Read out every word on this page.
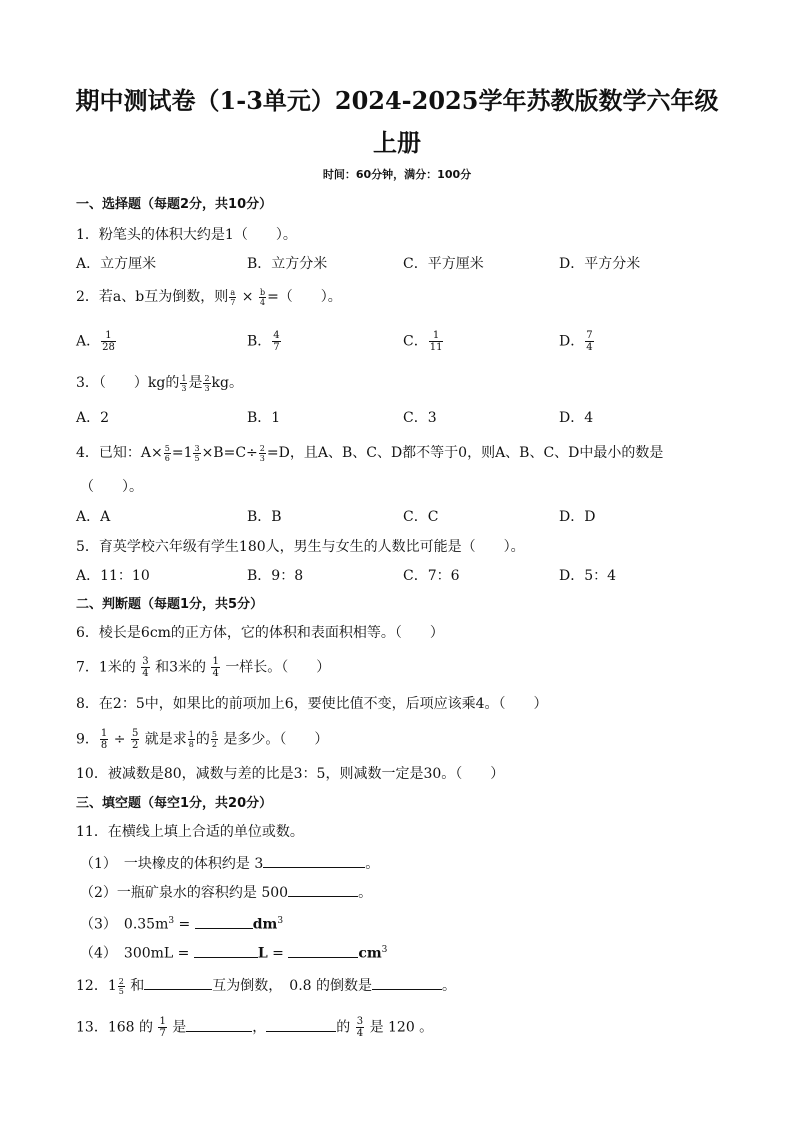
期中测试卷（1-3单元）2024-2025学年苏教版数学六年级上册
时间：60分钟，满分：100分
一、选择题（每题2分，共10分）
1．粉笔头的体积大约是1（　　）。
A．立方厘米	B．立方分米	C．平方厘米	D．平方分米
2．若a、b互为倒数，则 $\frac{a}{7} \times \frac{b}{4}$ =（　　）。
A． $\frac{1}{28}$	B． $\frac{4}{7}$	C． $\frac{1}{11}$	D． $\frac{7}{4}$
3．（　　）kg的 $\frac{1}{3}$ 是 $\frac{2}{3}$ kg。
A．2	B．1	C．3	D．4
4．已知：$A\times \frac{5}{6} =1 \frac{3}{5} \times B=C\div \frac{2}{3} =D$，且A、B、C、D都不等于0，则A、B、C、D中最小的数是
（　　）。
A．A	B．B	C．C	D．D
5．育英学校六年级有学生180人，男生与女生的人数比可能是（　　）。
A．11：10	B．9：8	C．7：6	D．5：4
二、判断题（每题1分，共5分）
6．棱长是6cm的正方体，它的体积和表面积相等。（　　）
7．1米的 $\frac{3}{4}$ 和3米的 $\frac{1}{4}$ 一样长。（　　）
8．在2：5中，如果比的前项加上6，要使比值不变，后项应该乘4。（　　）
9． $\frac{1}{8} \div \frac{5}{2}$ 就是求 $\frac{1}{8}$ 的 $\frac{5}{2}$ 是多少。（　　）
10．被减数是80，减数与差的比是3：5，则减数一定是30。（　　）
三、填空题（每空1分，共20分）
11．在横线上填上合适的单位或数。
（1）　一块橡皮的体积约是 3	。
（2）一瓶矿泉水的容积约是 500	。
（3）　$0.35m^3$ =	$dm^3$
（4）　300mL =	L =	$cm^3$
12．$1 \frac{2}{5}$ 和	互为倒数，　0.8 的倒数是	。
13．168 的 $\frac{1}{7}$ 是	，	的 $\frac{3}{4}$ 是 120 。
